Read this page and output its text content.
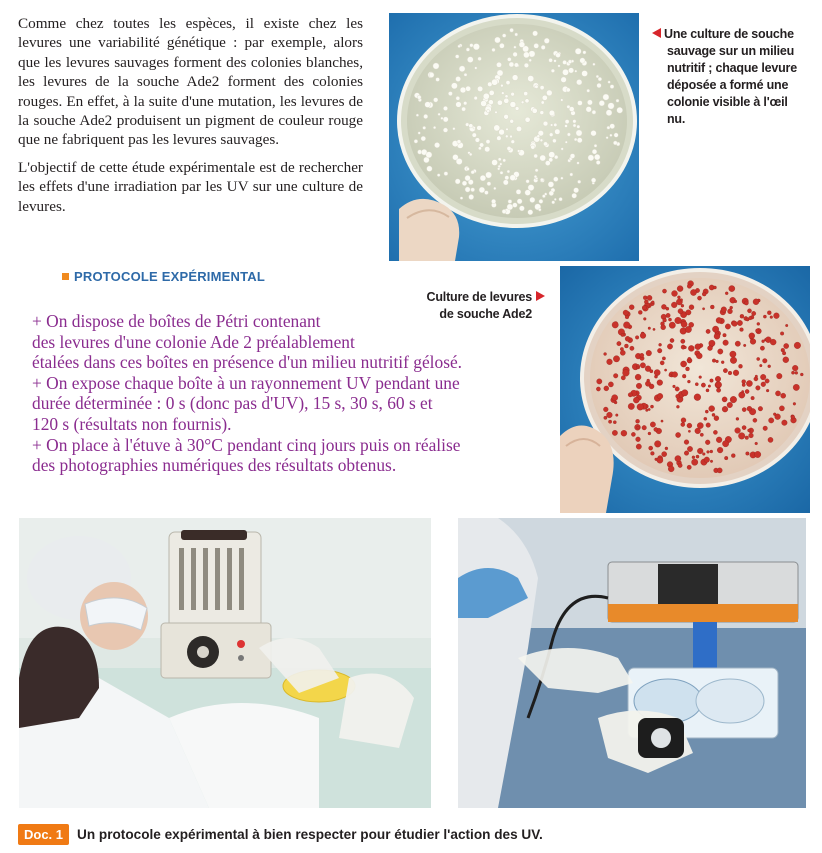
Comme chez toutes les espèces, il existe chez les levures une variabilité génétique : par exemple, alors que les levures sauvages forment des colonies blanches, les levures de la souche Ade2 forment des colonies rouges. En effet, à la suite d'une mutation, les levures de la souche Ade2 produisent un pigment de couleur rouge que ne fabriquent pas les levures sauvages.

L'objectif de cette étude expérimentale est de rechercher les effets d'une irradiation par les UV sur une culture de levures.

Une culture de souche
sauvage sur un milieu
nutritif ; chaque levure
déposée a formé une
colonie visible à l'œil
nu.
PROTOCOLE EXPÉRIMENTAL
Culture de levures
de souche Ade2
+ On dispose de boîtes de Pétri contenant
des levures d'une colonie Ade 2 préalablement
étalées dans ces boîtes en présence d'un milieu nutritif gélosé.
+ On expose chaque boîte à un rayonnement UV pendant une
durée déterminée : 0 s (donc pas d'UV), 15 s, 30 s, 60 s et
120 s (résultats non fournis).
+ On place à l'étuve à 30°C pendant cinq jours puis on réalise
des photographies numériques des résultats obtenus.
Doc. 1 Un protocole expérimental à bien respecter pour étudier l'action des UV.
